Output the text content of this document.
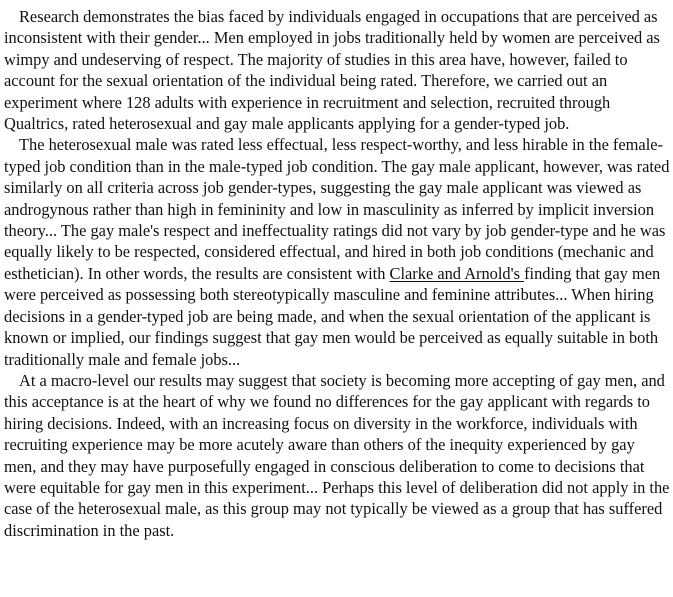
Research demonstrates the bias faced by individuals engaged in occupations that are perceived as inconsistent with their gender... Men employed in jobs traditionally held by women are perceived as wimpy and undeserving of respect. The majority of studies in this area have, however, failed to account for the sexual orientation of the individual being rated. Therefore, we carried out an experiment where 128 adults with experience in recruitment and selection, recruited through Qualtrics, rated heterosexual and gay male applicants applying for a gender-typed job.

The heterosexual male was rated less effectual, less respect-worthy, and less hirable in the female-typed job condition than in the male-typed job condition. The gay male applicant, however, was rated similarly on all criteria across job gender-types, suggesting the gay male applicant was viewed as androgynous rather than high in femininity and low in masculinity as inferred by implicit inversion theory... The gay male's respect and ineffectuality ratings did not vary by job gender-type and he was equally likely to be respected, considered effectual, and hired in both job conditions (mechanic and esthetician). In other words, the results are consistent with Clarke and Arnold's finding that gay men were perceived as possessing both stereotypically masculine and feminine attributes... When hiring decisions in a gender-typed job are being made, and when the sexual orientation of the applicant is known or implied, our findings suggest that gay men would be perceived as equally suitable in both traditionally male and female jobs...

At a macro-level our results may suggest that society is becoming more accepting of gay men, and this acceptance is at the heart of why we found no differences for the gay applicant with regards to hiring decisions. Indeed, with an increasing focus on diversity in the workforce, individuals with recruiting experience may be more acutely aware than others of the inequity experienced by gay men, and they may have purposefully engaged in conscious deliberation to come to decisions that were equitable for gay men in this experiment... Perhaps this level of deliberation did not apply in the case of the heterosexual male, as this group may not typically be viewed as a group that has suffered discrimination in the past.
